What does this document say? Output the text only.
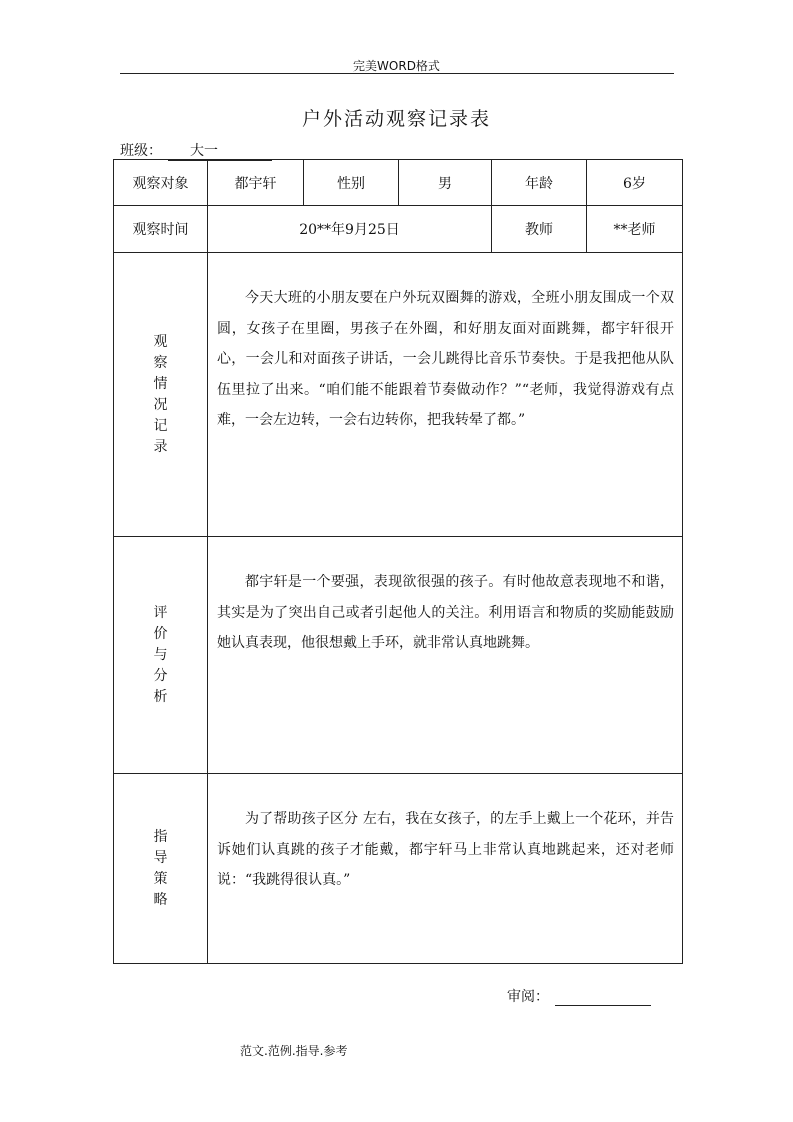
完美WORD格式
户外活动观察记录表
班级： 大一
观察对象	都宇轩	性别	男	年龄	6岁
观察时间	20**年9月25日			教师	**老师

观察情况记录	今天大班的小朋友要在户外玩双圈舞的游戏，全班小朋友围成一个双圆，女孩子在里圈，男孩子在外圈，和好朋友面对面跳舞，都宇轩很开心，一会儿和对面孩子讲话，一会儿跳得比音乐节奏快。于是我把他从队伍里拉了出来。“咱们能不能跟着节奏做动作？”“老师，我觉得游戏有点难，一会左边转，一会右边转你，把我转晕了都。”				

评价与分析	都宇轩是一个要强，表现欲很强的孩子。有时他故意表现地不和谐，其实是为了突出自己或者引起他人的关注。利用语言和物质的奖励能鼓励她认真表现，他很想戴上手环，就非常认真地跳舞。				

指导策略	为了帮助孩子区分 左右，我在女孩子，的左手上戴上一个花环，并告诉她们认真跳的孩子才能戴，都宇轩马上非常认真地跳起来，还对老师说：“我跳得很认真。”				
审阅：
范文.范例.指导.参考
